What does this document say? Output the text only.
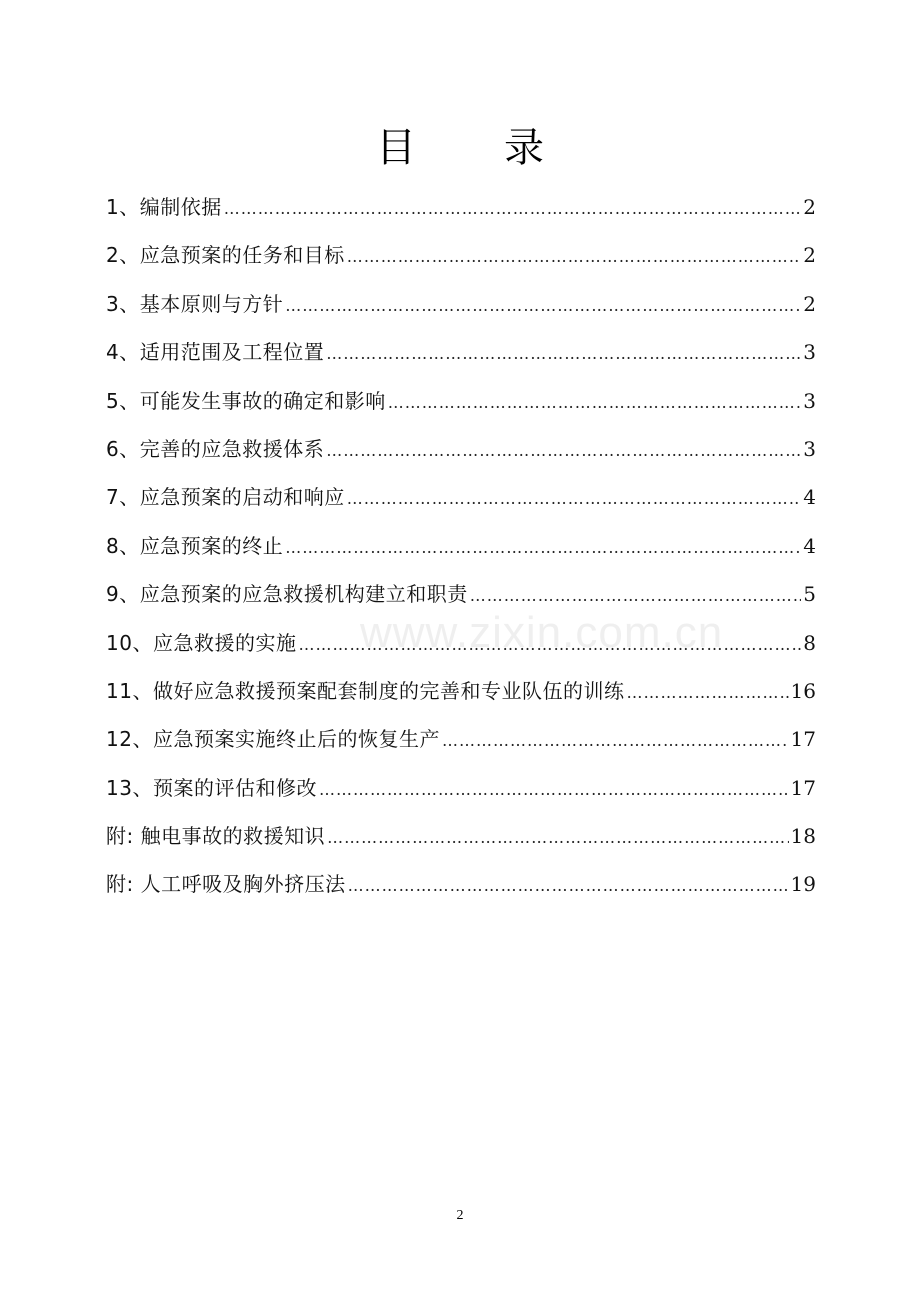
目 录
www.zixin.com.cn
1、编制依据 …………………………………………………………………………………………………………………………………………………………	2
2、应急预案的任务和目标 …………………………………………………………………………………………………………………………………………………………	2
3、基本原则与方针 …………………………………………………………………………………………………………………………………………………………	2
4、适用范围及工程位置 …………………………………………………………………………………………………………………………………………………………	3
5、可能发生事故的确定和影响 …………………………………………………………………………………………………………………………………………………………	3
6、完善的应急救援体系 …………………………………………………………………………………………………………………………………………………………	3
7、应急预案的启动和响应 …………………………………………………………………………………………………………………………………………………………	4
8、应急预案的终止 …………………………………………………………………………………………………………………………………………………………	4
9、应急预案的应急救援机构建立和职责 …………………………………………………………………………………………………………………………………………………………	5
10、应急救援的实施 …………………………………………………………………………………………………………………………………………………………	8
11、做好应急救援预案配套制度的完善和专业队伍的训练 …………………………………………………………………………………………………………………………………………………………	16
12、应急预案实施终止后的恢复生产 …………………………………………………………………………………………………………………………………………………………	17
13、预案的评估和修改 …………………………………………………………………………………………………………………………………………………………	17
附: 触电事故的救援知识 …………………………………………………………………………………………………………………………………………………………	18
附: 人工呼吸及胸外挤压法 …………………………………………………………………………………………………………………………………………………………	19
2
